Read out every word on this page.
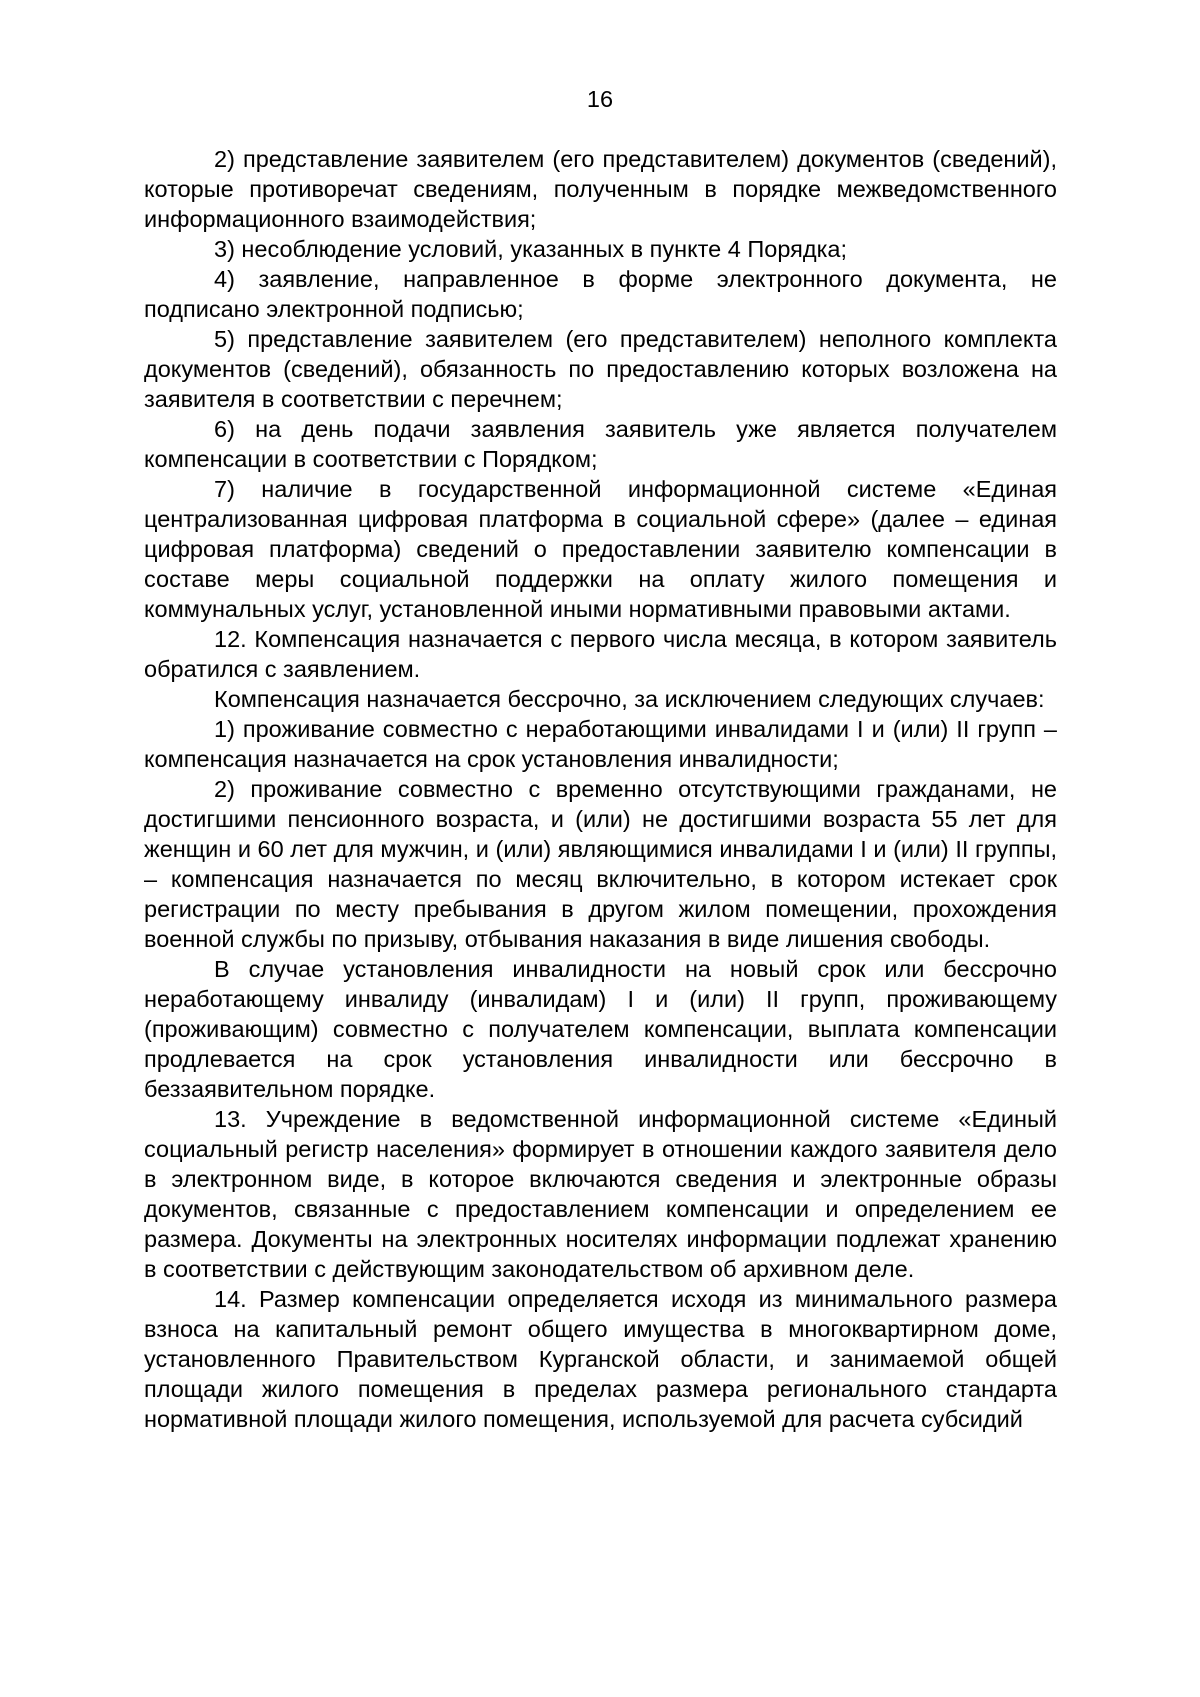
16

2) представление заявителем (его представителем) документов (сведений), которые противоречат сведениям, полученным в порядке межведомственного информационного взаимодействия;

3) несоблюдение условий, указанных в пункте 4 Порядка;

4) заявление, направленное в форме электронного документа, не подписано электронной подписью;

5) представление заявителем (его представителем) неполного комплекта документов (сведений), обязанность по предоставлению которых возложена на заявителя в соответствии с перечнем;

6) на день подачи заявления заявитель уже является получателем компенсации в соответствии с Порядком;

7) наличие в государственной информационной системе «Единая централизованная цифровая платформа в социальной сфере» (далее – единая цифровая платформа) сведений о предоставлении заявителю компенсации в составе меры социальной поддержки на оплату жилого помещения и коммунальных услуг, установленной иными нормативными правовыми актами.

12. Компенсация назначается с первого числа месяца, в котором заявитель обратился с заявлением.

Компенсация назначается бессрочно, за исключением следующих случаев:

1) проживание совместно с неработающими инвалидами I и (или) II групп – компенсация назначается на срок установления инвалидности;

2) проживание совместно с временно отсутствующими гражданами, не достигшими пенсионного возраста, и (или) не достигшими возраста 55 лет для женщин и 60 лет для мужчин, и (или) являющимися инвалидами I и (или) II группы, – компенсация назначается по месяц включительно, в котором истекает срок регистрации по месту пребывания в другом жилом помещении, прохождения военной службы по призыву, отбывания наказания в виде лишения свободы.

В случае установления инвалидности на новый срок или бессрочно неработающему инвалиду (инвалидам) I и (или) II групп, проживающему (проживающим) совместно с получателем компенсации, выплата компенсации продлевается на срок установления инвалидности или бессрочно в беззаявительном порядке.

13. Учреждение в ведомственной информационной системе «Единый социальный регистр населения» формирует в отношении каждого заявителя дело в электронном виде, в которое включаются сведения и электронные образы документов, связанные с предоставлением компенсации и определением ее размера. Документы на электронных носителях информации подлежат хранению в соответствии с действующим законодательством об архивном деле.

14. Размер компенсации определяется исходя из минимального размера взноса на капитальный ремонт общего имущества в многоквартирном доме, установленного Правительством Курганской области, и занимаемой общей площади жилого помещения в пределах размера регионального стандарта нормативной площади жилого помещения, используемой для расчета субсидий
